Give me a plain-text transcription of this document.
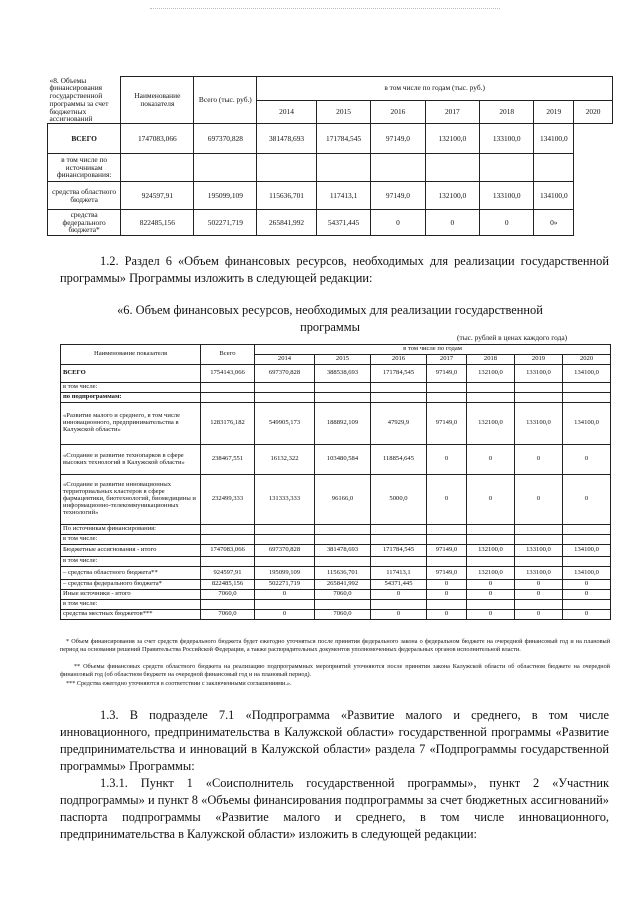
«8. Объемы финансирования государственной программы за счет бюджетных ассигнований	Наименование показателя	Всего (тыс. руб.)	в том числе по годам (тыс. руб.)						
			2014	2015	2016	2017	2018	2019	2020
ВСЕГО	1747083,066	697370,828	381478,693	171784,545	97149,0	132100,0	133100,0	134100,0	
в том числе по источникам финансирования:									
средства областного бюджета	924597,91	195099,109	115636,701	117413,1	97149,0	132100,0	133100,0	134100,0	
средства федерального бюджета*	822485,156	502271,719	265841,992	54371,445	0	0	0	0»	
1.2. Раздел 6 «Объем финансовых ресурсов, необходимых для реализации государственной программы» Программы изложить в следующей редакции:
«6. Объем финансовых ресурсов, необходимых для реализации государственной программы
(тыс. рублей в ценах каждого года)
Наименование показателя	Всего	в том числе по годам						
		2014	2015	2016	2017	2018	2019	2020
ВСЕГО	1754143,066	697370,828	388538,693	171784,545	97149,0	132100,0	133100,0	134100,0
в том числе:								
по подпрограммам:								
«Развитие малого и среднего, в том числе инновационного, предпринимательства в Калужской области»	1283176,182	549905,173	188892,109	47929,9	97149,0	132100,0	133100,0	134100,0
«Создание и развитие технопарков в сфере высоких технологий в Калужской области»	238467,551	16132,322	103480,584	118854,645	0	0	0	0
«Создание и развитие инновационных территориальных кластеров в сфере фармацевтики, биотехнологий, биомедицины и информационно-телекоммуникационных технологий»	232499,333	131333,333	96166,0	5000,0	0	0	0	0
По источникам финансирования:								
в том числе:								
Бюджетные ассигнования - итого	1747083,066	697370,828	381478,693	171784,545	97149,0	132100,0	133100,0	134100,0
в том числе:								
– средства областного бюджета**	924597,91	195099,109	115636,701	117413,1	97149,0	132100,0	133100,0	134100,0
– средства федерального бюджета*	822485,156	502271,719	265841,992	54371,445	0	0	0	0
Иные источники - итого	7060,0	0	7060,0	0	0	0	0	0
в том числе:								
средства местных бюджетов***	7060,0	0	7060,0	0	0	0	0	0
* Объем финансирования за счет средств федерального бюджета будет ежегодно уточняться после принятия федерального закона о федеральном бюджете на очередной финансовый год и на плановый период на основании решений Правительства Российской Федерации, а также распорядительных документов уполномоченных федеральных органов исполнительной власти.
** Объемы финансовых средств областного бюджета на реализацию подпрограммных мероприятий уточняются после принятия закона Калужской области об областном бюджете на очередной финансовый год (об областном бюджете на очередной финансовый год и на плановый период).
*** Средства ежегодно уточняются в соответствии с заключенными соглашениями.».
1.3. В подразделе 7.1 «Подпрограмма «Развитие малого и среднего, в том числе инновационного, предпринимательства в Калужской области» государственной программы «Развитие предпринимательства и инноваций в Калужской области» раздела 7 «Подпрограммы государственной программы» Программы:
1.3.1. Пункт 1 «Соисполнитель государственной программы», пункт 2 «Участник подпрограммы» и пункт 8 «Объемы финансирования подпрограммы за счет бюджетных ассигнований» паспорта подпрограммы «Развитие малого и среднего, в том числе инновационного, предпринимательства в Калужской области» изложить в следующей редакции:
